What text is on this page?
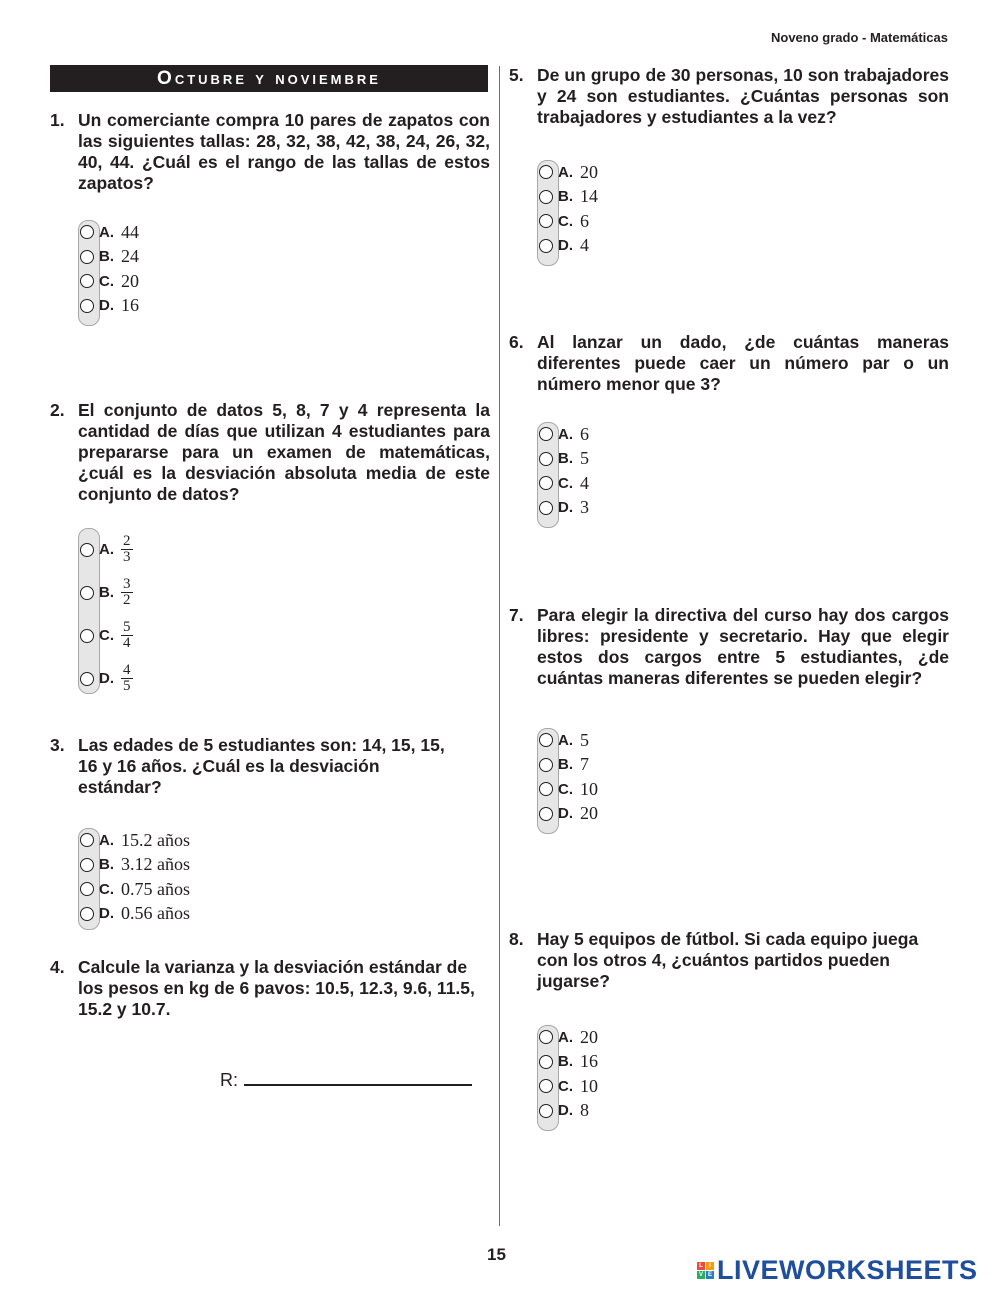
Noveno grado - Matemáticas
Octubre y noviembre
1. Un comerciante compra 10 pares de zapatos con las siguientes tallas: 28, 32, 38, 42, 38, 24, 26, 32, 40, 44. ¿Cuál es el rango de las tallas de estos zapatos?
A. 44
B. 24
C. 20
D. 16
2. El conjunto de datos 5, 8, 7 y 4 representa la cantidad de días que utilizan 4 estudiantes para prepararse para un examen de matemáticas, ¿cuál es la desviación absoluta media de este conjunto de datos?
A. $\frac{2}{3}$
B. $\frac{3}{2}$
C. $\frac{5}{4}$
D. $\frac{4}{5}$
3. Las edades de 5 estudiantes son: 14, 15, 15, 16 y 16 años. ¿Cuál es la desviación estándar?
A. 15.2 años
B. 3.12 años
C. 0.75 años
D. 0.56 años
4. Calcule la varianza y la desviación estándar de los pesos en kg de 6 pavos: 10.5, 12.3, 9.6, 11.5, 15.2 y 10.7.
R:
5. De un grupo de 30 personas, 10 son trabajadores y 24 son estudiantes. ¿Cuántas personas son trabajadores y estudiantes a la vez?
A. 20
B. 14
C. 6
D. 4
6. Al lanzar un dado, ¿de cuántas maneras diferentes puede caer un número par o un número menor que 3?
A. 6
B. 5
C. 4
D. 3
7. Para elegir la directiva del curso hay dos cargos libres: presidente y secretario. Hay que elegir estos dos cargos entre 5 estudiantes, ¿de cuántas maneras diferentes se pueden elegir?
A. 5
B. 7
C. 10
D. 20
8. Hay 5 equipos de fútbol. Si cada equipo juega con los otros 4, ¿cuántos partidos pueden jugarse?
A. 20
B. 16
C. 10
D. 8
15
L	I
V E LIVEWORKSHEETS
